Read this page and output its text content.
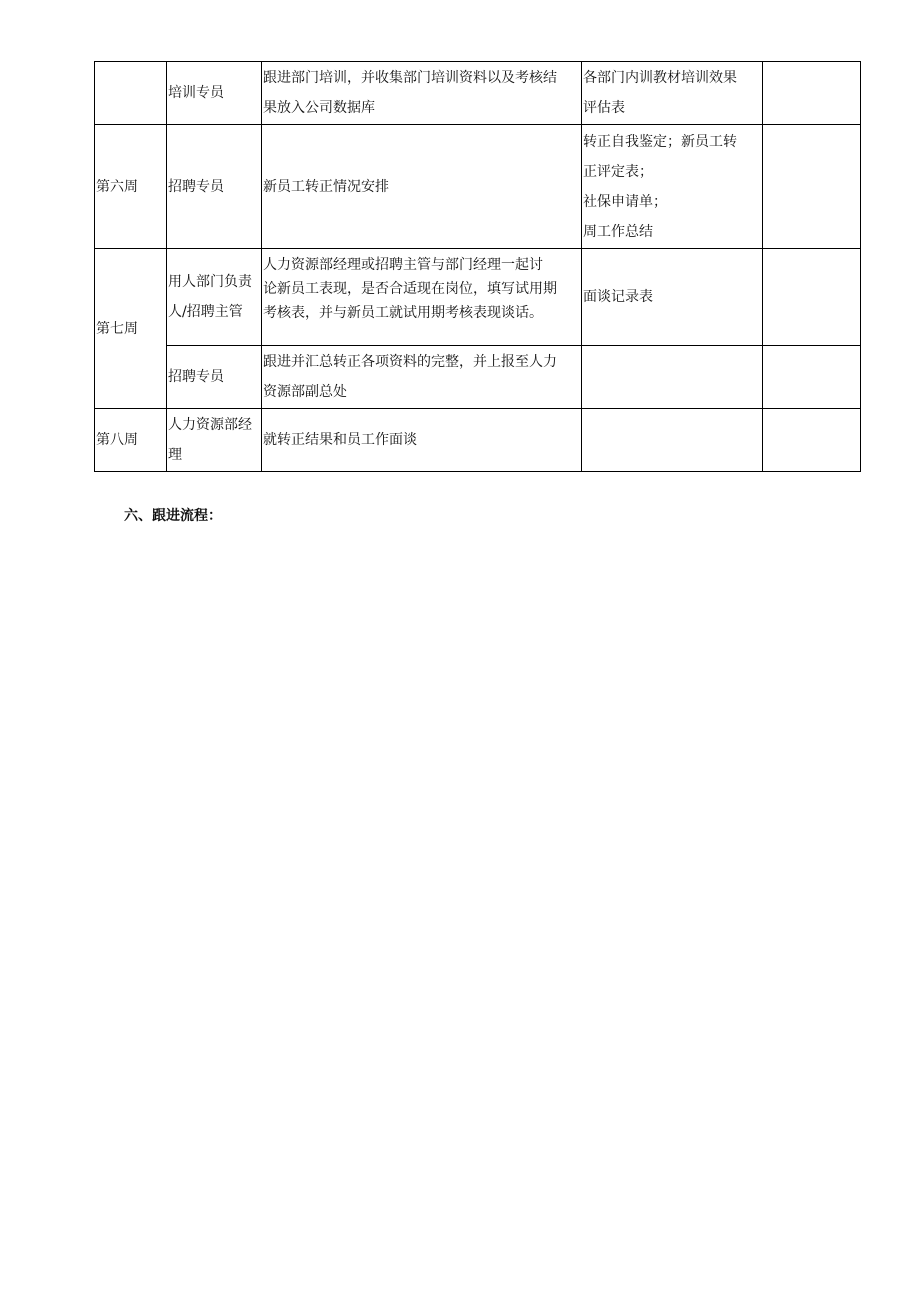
	培训专员	跟进部门培训，并收集部门培训资料以及考核结
果放入公司数据库	各部门内训教材培训效果
评估表	

第六周	招聘专员	新员工转正情况安排	转正自我鉴定；新员工转
正评定表；
社保申请单；
周工作总结	

第七周	用人部门负责
人/招聘主管	人力资源部经理或招聘主管与部门经理一起讨
论新员工表现，是否合适现在岗位，填写试用期
考核表，并与新员工就试用期考核表现谈话。	面谈记录表	

	招聘专员	跟进并汇总转正各项资料的完整，并上报至人力
资源部副总处		

第八周	人力资源部经
理	就转正结果和员工作面谈		

六、跟进流程：
